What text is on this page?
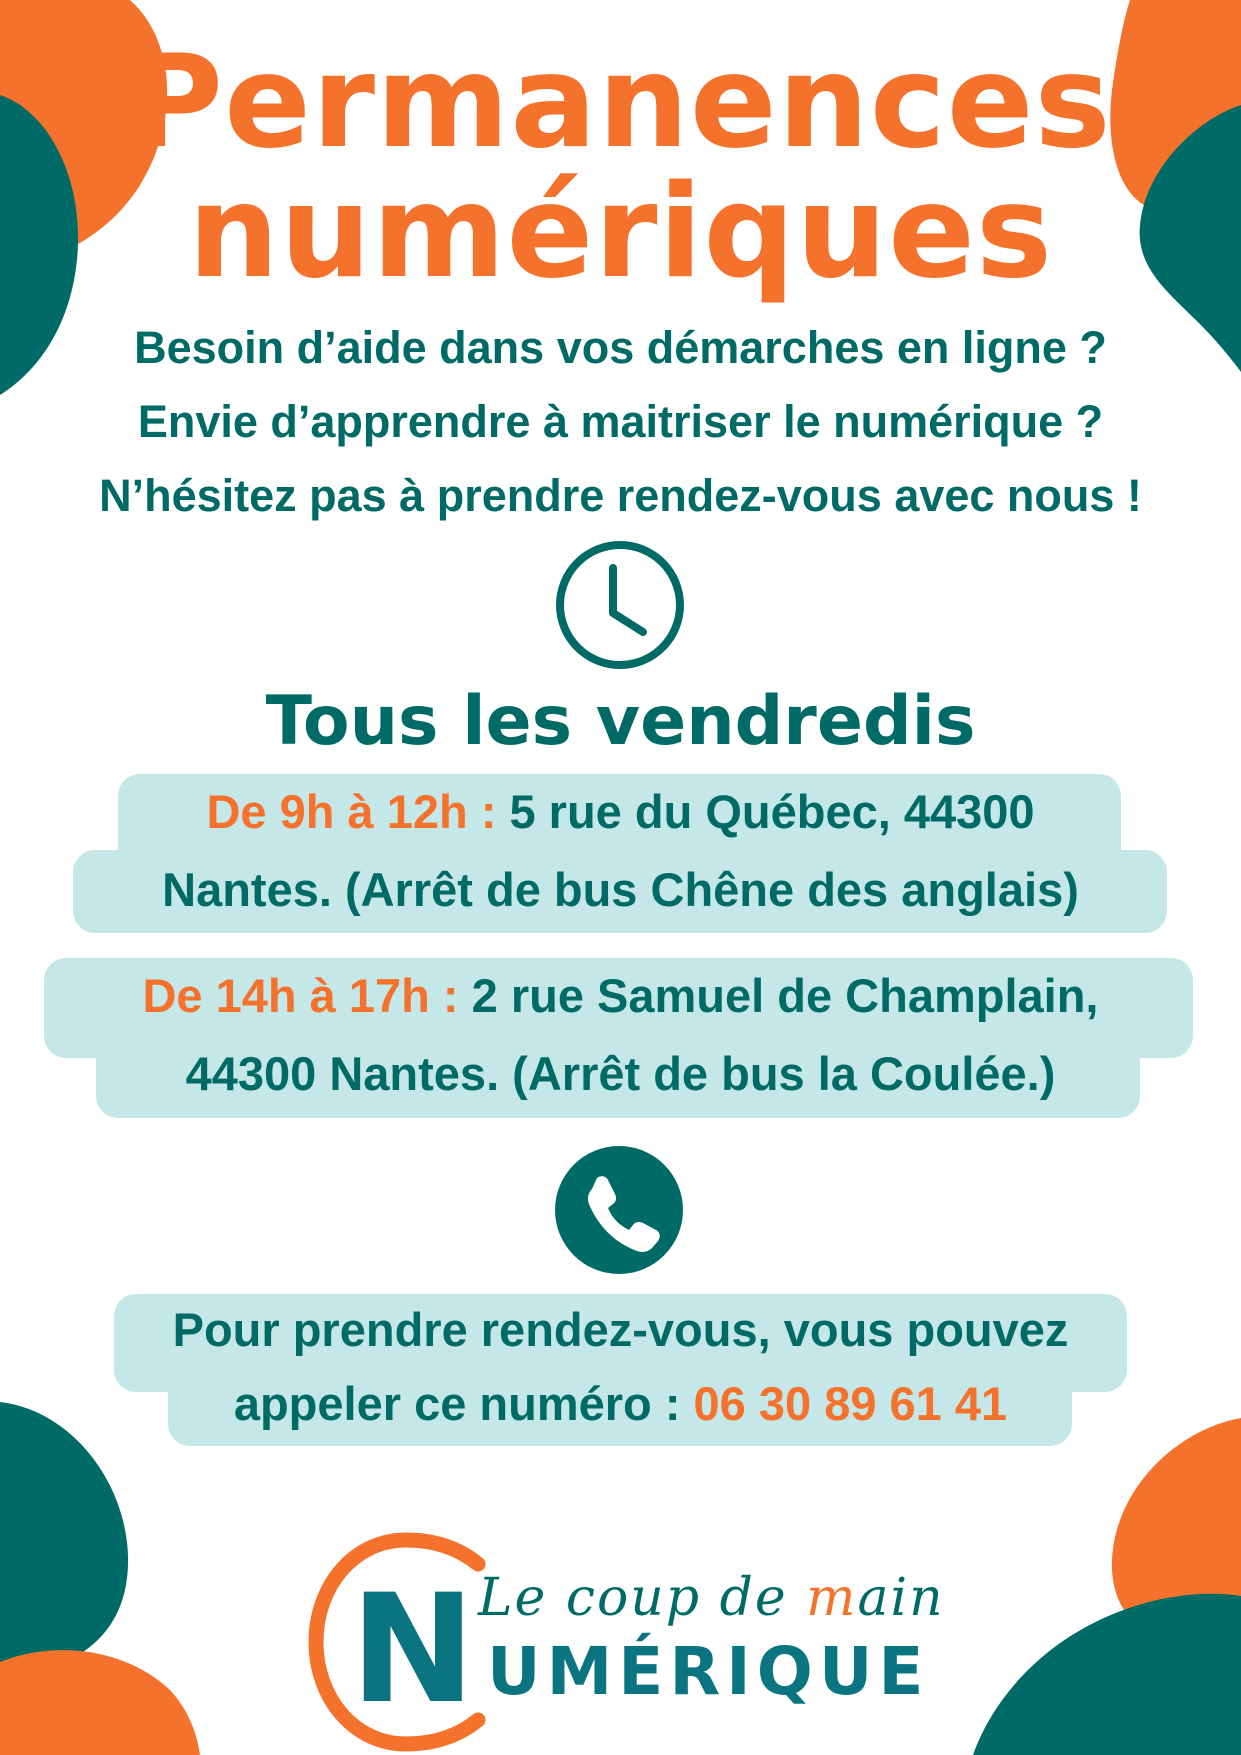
Permanences
numériques
Besoin d’aide dans vos démarches en ligne ?
Envie d’apprendre à maitriser le numérique ?
N’hésitez pas à prendre rendez-vous avec nous !
Tous les vendredis
De 9h à 12h : 5 rue du Québec, 44300
Nantes. (Arrêt de bus Chêne des anglais)
De 14h à 17h : 2 rue Samuel de Champlain,
44300 Nantes. (Arrêt de bus la Coulée.)
Pour prendre rendez-vous, vous pouvez
appeler ce numéro : 06 30 89 61 41
N Le coup de main
UMÉRIQUE
